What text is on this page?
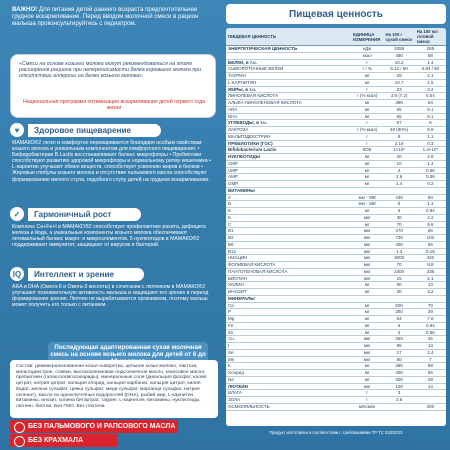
ВАЖНО! Для питания детей раннего возраста предпочтительнее грудное вскармливание. Перед вводом молочной смеси в рацион малыша проконсультируйтесь с педиатром.
«Смеси на основе козьего молока могут рекомендоваться на этапе расширения рациона при непереносимости белка коровьего молока при отсутствии аллергии на белки козьего молока».
Национальная программа оптимизации вскармливания детей первого года жизни
♥	Здоровое пищеварение
МАМАКО®2 легко и комфортно переваривается благодаря особым свойствам козьего молока и уникальным компонентам для комфортного пищеварения: • Бифидобактерии B.Lactis восстанавливают баланс микрофлоры • Пребиотики способствуют развитию здоровой микрофлоры и нормальному ритму кишечника • L-карнитин улучшает обмен веществ, способствует усвоению жиров и белков • Жировые глобулы козьего молока и отсутствие пальмового масла способствуют формированию мягкого стула, подобного стулу детей на грудном вскармливании.
✓	Гармоничный рост
Комплекс Ca+Fe+I в МАМАКО®2 способствует профилактике рахита, дефицита железа и йода, а уникальные компоненты козьего молока обеспечивают оптимальный баланс макро- и микроэлементов. 5 нуклеотидов в МАМАКО®2 поддерживают иммунитет, защищают от вирусов и бактерий.
IQ	Интеллект и зрение
ARA и DHA (Омега-6 и Омега-3 кислоты) в сочетании с лютеином в МАМАКО®2 улучшают познавательную активность малыша и защищают его зрение в период формирования зрения. Лютеин не вырабатывается организмом, поэтому малыш может получить его только с питанием.
Последующая адаптированная сухая молочная смесь на основе козьего молока для детей от 6 до
Состав: деминерализованная козья сыворотка, цельное козье молоко, лактоза, мальтодекстрин, сливки, высокоолеиновое подсолнечное масло, кокосовое масло, пребиотики (галактоолигосахариды), минеральные соли (дикальция фосфат, калия цитрат, натрия цитрат, кальция хлорид, кальция карбонат, кальция цитрат, калия йодат, железа сульфат, цинка сульфат, меди сульфат, марганца сульфат, натрия селенат), масло из одноклеточных водорослей (DHA), рыбий жир, L-карнитин, витамины, инозит, холина битартрат, таурин, L-карнитин, витамины, нуклеотиды, лютеин, биотин. Без ГМО. Без глютена.
БЕЗ ПАЛЬМОВОГО И РАПСОВОГО МАСЛА
БЕЗ КРАХМАЛА
Пищевая ценность
ПИЩЕВАЯ ЦЕННОСТЬ	ЕДИНИЦА ИЗМЕРЕНИЯ	На 100 г сухой смеси	На 100 мл готовой смеси
ЭНЕРГЕТИЧЕСКАЯ ЦЕННОСТЬ	кДж	2058	285
	ккал	490	68
БЕЛКИ, в т.ч.	г	10.2	1.4
СЫВОРОТОЧНЫЕ БЕЛКИ	г / %	6.12 / 60	0.84 / 60
ТАУРИН	мг	29	4.1
L-КАРНИТИН	мг	10.7	1.5
ЖИРЫ, в т.ч.	г	23	3.2
ЛИНОЛЕВАЯ КИСЛОТА	г (% ккал)	3.9 (7.2)	0.54
АЛЬФА-ЛИНОЛЕНОВАЯ КИСЛОТА	мг	388	54
ARA	мг	65	9.1
DHA	мг	65	9.1
УГЛЕВОДЫ, в т.ч.	г	57	8
ЛАКТОЗА	г (% ккал)	49 (80%)	6.9
МАЛЬТОДЕКСТРИН	г	8	1.1
ПРЕБИОТИКИ (ГОС)	г	2.15	0.3
Bifidobacterium Lactis	КОЕ	1×10⁸	1.4×10⁷
НУКЛЕОТИДЫ	мг	20	2.8
СМР	мг	10	1.4
UMP	мг	4	0.56
AMP	мг	2.6	0.36
GMP	мг	1.4	0.2
ВИТАМИНЫ			
A	мкг - ME	430	60
D	мкг - ME	8	1.1
E	мг	6	0.84
K	мкг	30	4.2
C	мг	70	9.8
B1	мкг	470	66
B2	мкг	730	102
B6	мкг	400	56
B12	мкг	1.3	0.18
НИАЦИН	мкг	3000	420
ФОЛИЕВАЯ КИСЛОТА	мкг	70	9.8
ПАНТОТЕНОВАЯ КИСЛОТА	мкг	2400	336
БИОТИН	мкг	15	2.1
ХОЛИН	мг	90	13
ИНОЗИТ	мг	30	4.2
МИНЕРАЛЫ			
Ca	мг	500	70
P	мг	280	39
Mg	мг	54	7.6
Fe	мг	6	0.84
Zn	мг	4	0.56
Cu	мкг	325	45
I	мкг	95	13
Se	мкг	17	2.4
Mn	мкг	50	7
K	мг	485	68
Хлорид	мг	400	56
Na	мг	200	28
ЛЮТЕИН	мкг	100	14
ВЛАГА	г	3	
ЗОЛА	г	3.8	
ОСМОЛЯЛЬНОСТЬ	мОсм/кг		300
Продукт изготовлен в соответствии с требованиями ТР ТС 033/2013
